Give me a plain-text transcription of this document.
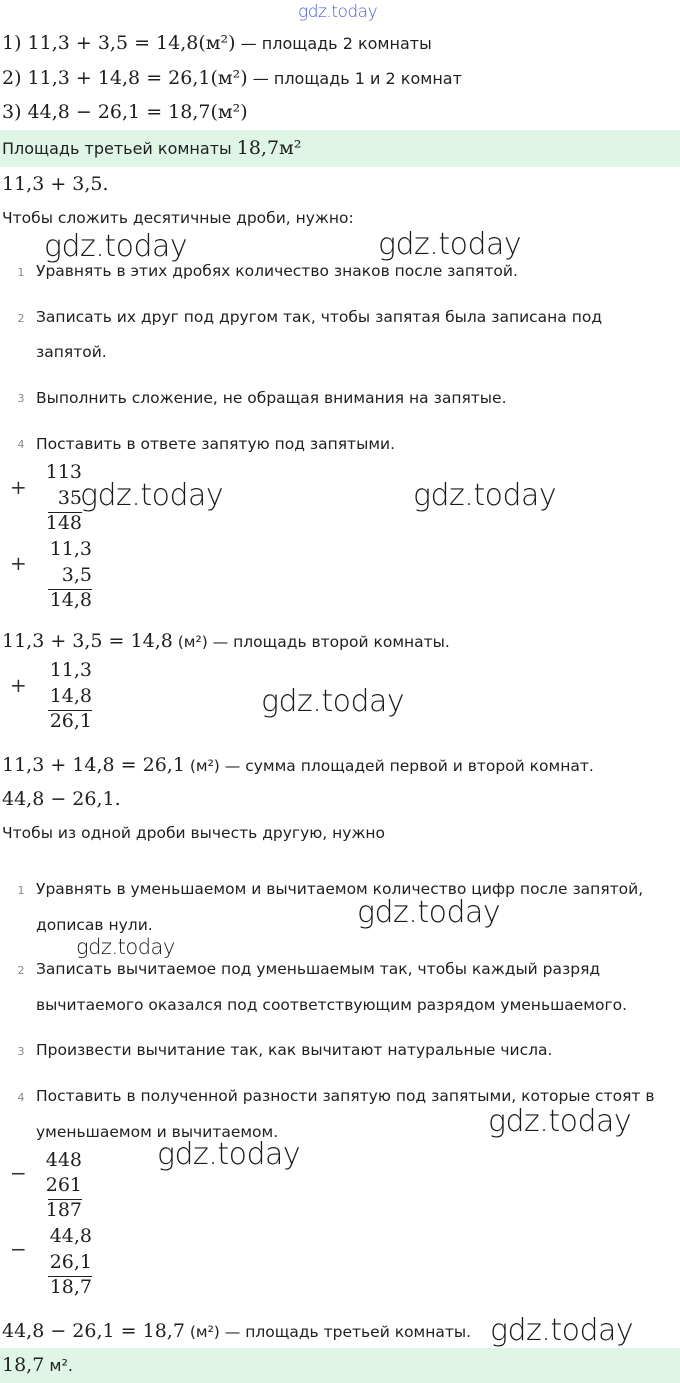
gdz.today
1) 11,3 + 3,5 = 14,8(м²) — площадь 2 комнаты
2) 11,3 + 14,8 = 26,1(м²) — площадь 1 и 2 комнат
3) 44,8 − 26,1 = 18,7(м²)
Площадь третьей комнаты 18,7м²
11,3 + 3,5.
Чтобы сложить десятичные дроби, нужно:
gdz.today	gdz.today
1 Уравнять в этих дробях количество знаков после запятой.
2 Записать их друг под другом так, чтобы запятая была записана под
запятой.
3 Выполнить сложение, не обращая внимания на запятые.
4 Поставить в ответе запятую под запятыми.
+
113
35
148
gdz.today	gdz.today
+
11,3
3,5
14,8
11,3 + 3,5 = 14,8 (м²) — площадь второй комнаты.
+
11,3
14,8
26,1
gdz.today
11,3 + 14,8 = 26,1 (м²) — сумма площадей первой и второй комнат.
44,8 − 26,1.
Чтобы из одной дроби вычесть другую, нужно
1 Уравнять в уменьшаемом и вычитаемом количество цифр после запятой,
дописав нули.	gdz.today
gdz.today
2 Записать вычитаемое под уменьшаемым так, чтобы каждый разряд
вычитаемого оказался под соответствующим разрядом уменьшаемого.
3 Произвести вычитание так, как вычитают натуральные числа.
4 Поставить в полученной разности запятую под запятыми, которые стоят в
уменьшаемом и вычитаемом.	gdz.today
gdz.today
−
448
261
187
−
44,8
26,1
18,7
44,8 − 26,1 = 18,7 (м²) — площадь третьей комнаты. gdz.today
18,7 м².
